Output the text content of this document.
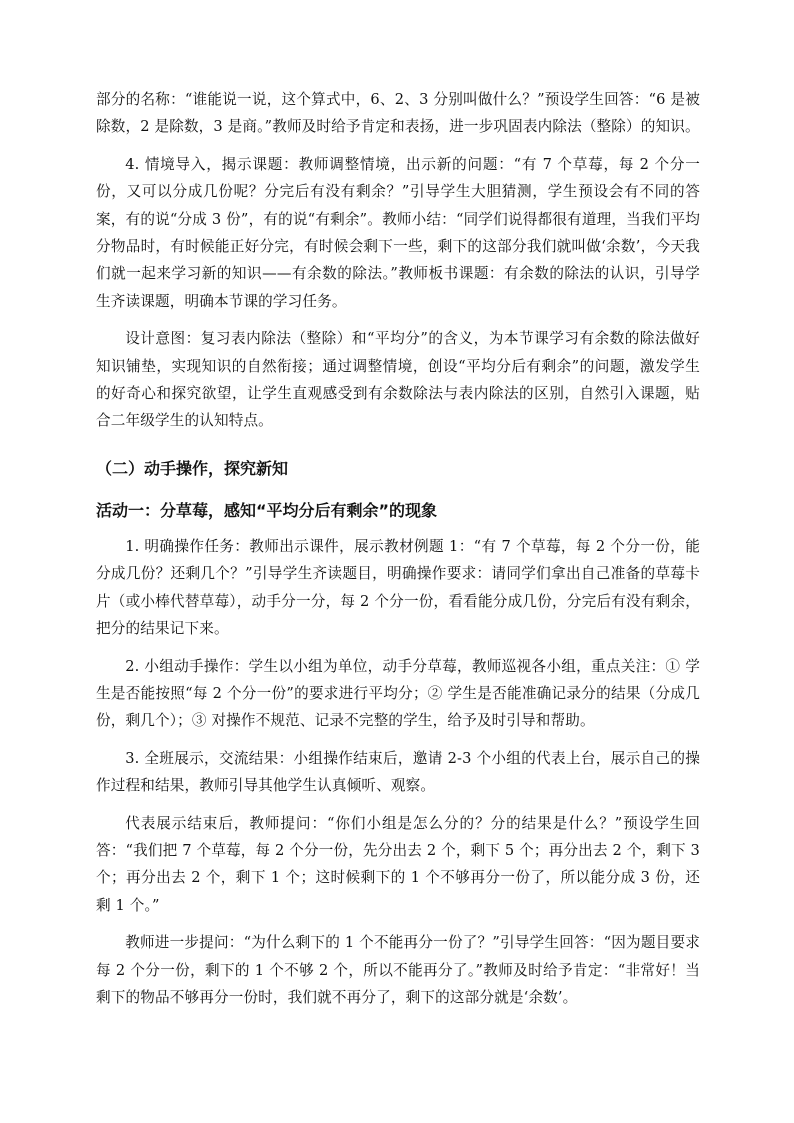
部分的名称：“谁能说一说，这个算式中，6、2、3 分别叫做什么？”预设学生回答：“6 是被除数，2 是除数，3 是商。”教师及时给予肯定和表扬，进一步巩固表内除法（整除）的知识。

4. 情境导入，揭示课题：教师调整情境，出示新的问题：“有 7 个草莓，每 2 个分一份，又可以分成几份呢？分完后有没有剩余？”引导学生大胆猜测，学生预设会有不同的答案，有的说“分成 3 份”，有的说“有剩余”。教师小结：“同学们说得都很有道理，当我们平均分物品时，有时候能正好分完，有时候会剩下一些，剩下的这部分我们就叫做‘余数’，今天我们就一起来学习新的知识——有余数的除法。”教师板书课题：有余数的除法的认识，引导学生齐读课题，明确本节课的学习任务。

设计意图：复习表内除法（整除）和“平均分”的含义，为本节课学习有余数的除法做好知识铺垫，实现知识的自然衔接；通过调整情境，创设“平均分后有剩余”的问题，激发学生的好奇心和探究欲望，让学生直观感受到有余数除法与表内除法的区别，自然引入课题，贴合二年级学生的认知特点。

（二）动手操作，探究新知
活动一：分草莓，感知“平均分后有剩余”的现象

1. 明确操作任务：教师出示课件，展示教材例题 1：“有 7 个草莓，每 2 个分一份，能分成几份？还剩几个？”引导学生齐读题目，明确操作要求：请同学们拿出自己准备的草莓卡片（或小棒代替草莓），动手分一分，每 2 个分一份，看看能分成几份，分完后有没有剩余，把分的结果记下来。

2. 小组动手操作：学生以小组为单位，动手分草莓，教师巡视各小组，重点关注：① 学生是否能按照“每 2 个分一份”的要求进行平均分；② 学生是否能准确记录分的结果（分成几份，剩几个）；③ 对操作不规范、记录不完整的学生，给予及时引导和帮助。

3. 全班展示，交流结果：小组操作结束后，邀请 2-3 个小组的代表上台，展示自己的操作过程和结果，教师引导其他学生认真倾听、观察。

代表展示结束后，教师提问：“你们小组是怎么分的？分的结果是什么？”预设学生回答：“我们把 7 个草莓，每 2 个分一份，先分出去 2 个，剩下 5 个；再分出去 2 个，剩下 3 个；再分出去 2 个，剩下 1 个；这时候剩下的 1 个不够再分一份了，所以能分成 3 份，还剩 1 个。”

教师进一步提问：“为什么剩下的 1 个不能再分一份了？”引导学生回答：“因为题目要求每 2 个分一份，剩下的 1 个不够 2 个，所以不能再分了。”教师及时给予肯定：“非常好！当剩下的物品不够再分一份时，我们就不再分了，剩下的这部分就是‘余数’。
